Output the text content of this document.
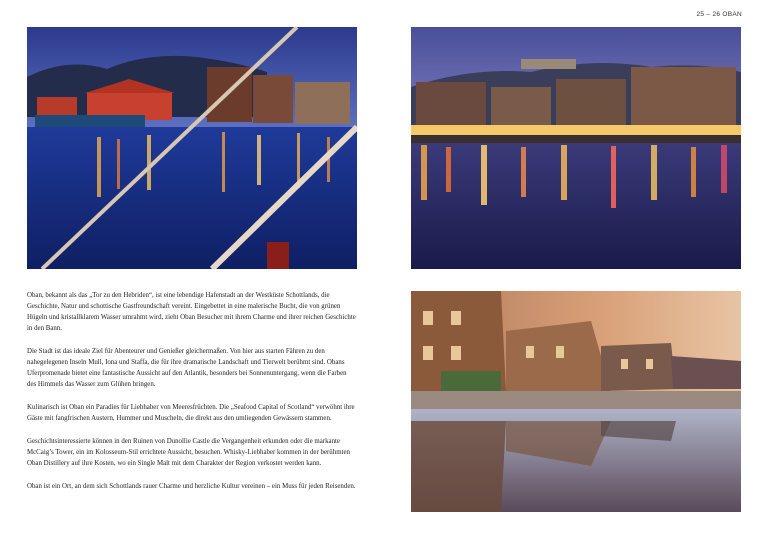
25 – 26 OBAN

Oban, bekannt als das „Tor zu den Hebriden“, ist eine lebendige Hafenstadt an der Westküste Schottlands, die Geschichte, Natur und schottische Gastfreundschaft vereint. Eingebettet in eine malerische Bucht, die von grünen Hügeln und kristallklarem Wasser umrahmt wird, zieht Oban Besucher mit ihrem Charme und ihrer reichen Geschichte in den Bann.

Die Stadt ist das ideale Ziel für Abenteurer und Genießer gleichermaßen. Von hier aus starten Fähren zu den nahegelegenen Inseln Mull, Iona und Staffa, die für ihre dramatische Landschaft und Tierwelt berühmt sind. Obans Uferpromenade bietet eine fantastische Aussicht auf den Atlantik, besonders bei Sonnenuntergang, wenn die Farben des Himmels das Wasser zum Glühen bringen.

Kulinarisch ist Oban ein Paradies für Liebhaber von Meeresfrüchten. Die „Seafood Capital of Scotland“ verwöhnt ihre Gäste mit fangfrischen Austern, Hummer und Muscheln, die direkt aus den umliegenden Gewässern stammen.

Geschichtsinteressierte können in den Ruinen von Dunollie Castle die Vergangenheit erkunden oder die markante McCaig’s Tower, ein im Kolosseum-Stil errichtete Aussicht, besuchen. Whisky-Liebhaber kommen in der berühmten Oban Distillery auf ihre Kosten, wo ein Single Malt mit dem Charakter der Region verkostet werden kann.

Oban ist ein Ort, an dem sich Schottlands rauer Charme und herzliche Kultur vereinen – ein Muss für jeden Reisenden.
